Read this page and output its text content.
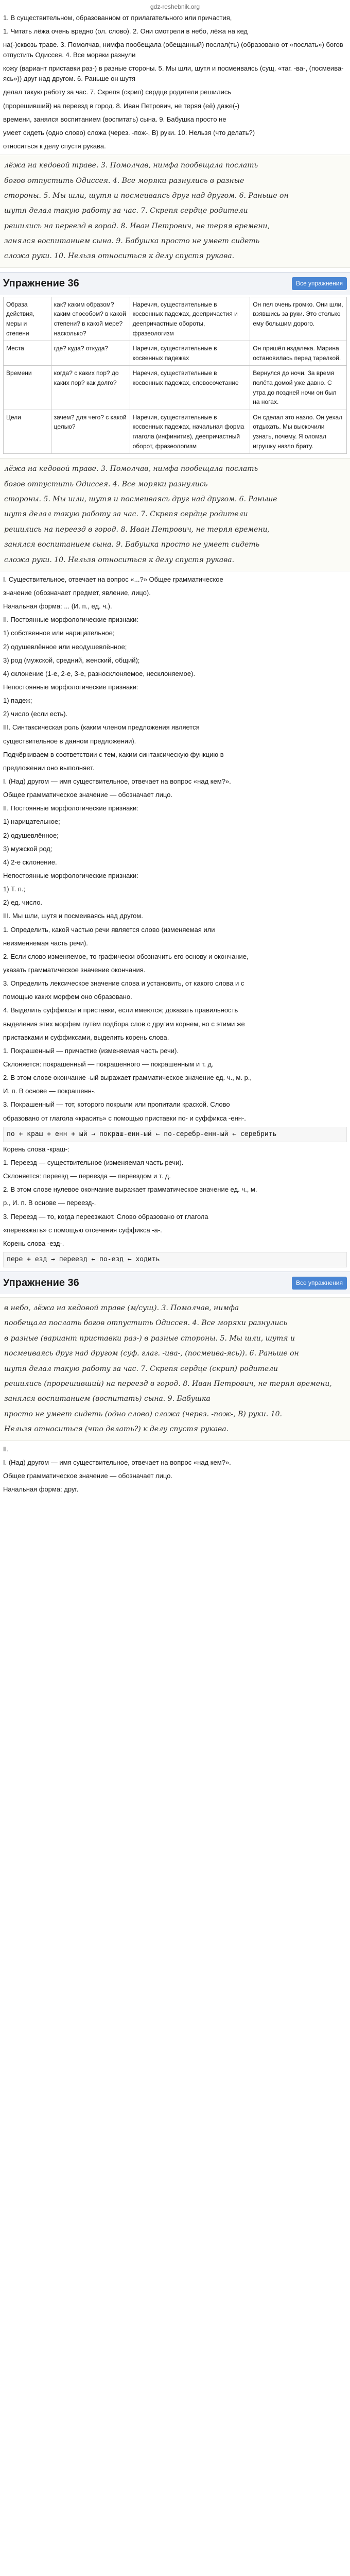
gdz-reshebnik.org

1. В существительном, образованном от прилагательного или причастия,

1. Читать лёжа очень вредно (ол. слово). 2. Они смотрели в небо, лёжа на кед

на(-)сквозь траве. 3. Помолчав, нимфа пообещала (обещанный) послал(ть) (образовано от «послать») богов отпустить Одиссея. 4. Все моряки разнули

кожу (вариант приставки раз-) в разные стороны. 5. Мы шли, шутя и посмеиваясь (сущ. «таг. -ва-, (посмеива-ясь»)) друг над другом. 6. Раньше он шутя

делал такую работу за час. 7. Скрепя (скрип) сердце родители решились

(прорешивший) на переезд в город. 8. Иван Петрович, не теряя (её) даже(-)

времени, занялся воспитанием (воспитать) сына. 9. Бабушка просто не

умеет сидеть (одно слово) сложа (через. -пож-, В) руки. 10. Нельзя (что делать?)

относиться к делу спустя рукава.

лёжа на кедовой траве. 3. Помолчав, нимфа пообещала послать
богов отпустить Одиссея. 4. Все моряки разнулись в разные
стороны. 5. Мы шли, шутя и посмеиваясь друг над другом. 6. Раньше он
шутя делал такую работу за час. 7. Скрепя сердце родители
решились на переезд в город. 8. Иван Петрович, не теряя времени,
занялся воспитанием сына. 9. Бабушка просто не умеет сидеть
сложа руки. 10. Нельзя относиться к делу спустя рукава.
Упражнение 36	Все упражнения
Образа действия, меры и степени	как? каким образом? каким способом? в какой степени? в какой мере? насколько?	Наречия, существительные в косвенных падежах, деепричастия и деепричастные обороты, фразеологизм	Он пел очень громко. Они шли, взявшись за руки. Это столько ему большим дорого.
Места	где? куда? откуда?	Наречия, существительные в косвенных падежах	Он пришёл издалека. Марина остановилась перед тарелкой.
Времени	когда? с каких пор? до каких пор? как долго?	Наречия, существительные в косвенных падежах, словосочетание	Вернулся до ночи. За время полёта домой уже давно. С утра до поздней ночи он был на ногах.
Цели	зачем? для чего? с какой целью?	Наречия, существительные в косвенных падежах, начальная форма глагола (инфинитив), деепричастный оборот, фразеологизм	Он сделал это назло. Он уехал отдыхать. Мы выскочили узнать, почему. Я оломал игрушку назло брату.
лёжа на кедовой траве. 3. Помолчав, нимфа пообещала послать
богов отпустить Одиссея. 4. Все моряки разнулись
стороны. 5. Мы шли, шутя и посмеиваясь друг над другом. 6. Раньше
шутя делал такую работу за час. 7. Скрепя сердце родители
решились на переезд в город. 8. Иван Петрович, не теряя времени,
занялся воспитанием сына. 9. Бабушка просто не умеет сидеть
сложа руки. 10. Нельзя относиться к делу спустя рукава.

I. Существительное, отвечает на вопрос «...?» Общее грамматическое

значение (обозначает предмет, явление, лицо).

Начальная форма: ... (И. п., ед. ч.).

II. Постоянные морфологические признаки:

1) собственное или нарицательное;

2) одушевлённое или неодушевлённое;

3) род (мужской, средний, женский, общий);

4) склонение (1-е, 2-е, 3-е, разносклоняемое, несклоняемое).

Непостоянные морфологические признаки:

1) падеж;

2) число (если есть).

III. Синтаксическая роль (каким членом предложения является

существительное в данном предложении).

Подчёркиваем в соответствии с тем, каким синтаксическую функцию в

предложении оно выполняет.

I. (Над) другом — имя существительное, отвечает на вопрос «над кем?».

Общее грамматическое значение — обозначает лицо.

II. Постоянные морфологические признаки:

1) нарицательное;

2) одушевлённое;

3) мужской род;

4) 2-е склонение.

Непостоянные морфологические признаки:

1) Т. п.;

2) ед. число.

III. Мы шли, шутя и посмеиваясь над другом.

1. Определить, какой частью речи является слово (изменяемая или

неизменяемая часть речи).

2. Если слово изменяемое, то графически обозначить его основу и окончание,

указать грамматическое значение окончания.

3. Определить лексическое значение слова и установить, от какого слова и с

помощью каких морфем оно образовано.

4. Выделить суффиксы и приставки, если имеются; доказать правильность

выделения этих морфем путём подбора слов с другим корнем, но с этими же

приставками и суффиксами, выделить корень слова.

1. Покрашенный — причастие (изменяемая часть речи).

Склоняется: покрашенный — покрашенного — покрашенным и т. д.

2. В этом слове окончание -ый выражает грамматическое значение ед. ч., м. р.,

И. п. В основе — покрашенн-.

3. Покрашенный — тот, которого покрыли или пропитали краской. Слово

образовано от глагола «красить» с помощью приставки по- и суффикса -енн-.

по + краш + енн + ый → покраш-енн-ый ← по-серебр-енн-ый ← серебрить

Корень слова -краш-:

1. Переезд — существительное (изменяемая часть речи).

Склоняется: переезд — переезда — переездом и т. д.

2. В этом слове нулевое окончание выражает грамматическое значение ед. ч., м.

р., И. п. В основе — переезд-.

3. Переезд — то, когда переезжают. Слово образовано от глагола

«переезжать» с помощью отсечения суффикса -а-.

Корень слова -езд-.

пере + езд → переезд ← по-езд ← ходить
Упражнение 36	Все упражнения
в небо, лёжа на кедовой траве (м/сущ). 3. Помолчав, нимфа
пообещала послать богов отпустить Одиссея. 4. Все моряки разнулись
в разные (вариант приставки раз-) в разные стороны. 5. Мы шли, шутя и
посмеиваясь друг над другом (суф. глаг. -ива-, (посмеива-ясь)). 6. Раньше он
шутя делал такую работу за час. 7. Скрепя сердце (скрип) родители
решились (прорешивший) на переезд в город. 8. Иван Петрович, не теряя времени,
занялся воспитанием (воспитать) сына. 9. Бабушка
просто не умеет сидеть (одно слово) сложа (через. -пож-, В) руки. 10.
Нельзя относиться (что делать?) к делу спустя рукава.

II.

I. (Над) другом — имя существительное, отвечает на вопрос «над кем?».

Общее грамматическое значение — обозначает лицо.

Начальная форма: друг.
